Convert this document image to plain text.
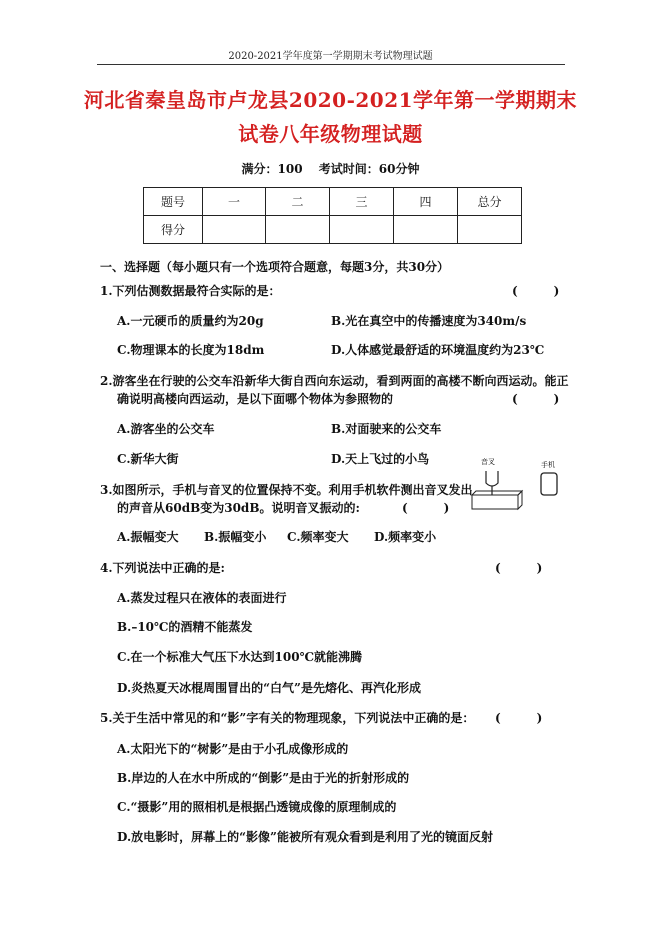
2020-2021学年度第一学期期末考试物理试题
河北省秦皇岛市卢龙县2020-2021学年第一学期期末
试卷八年级物理试题
满分：100　 考试时间：60分钟
题号	一	二	三	四	总分
得分					
一、选择题（每小题只有一个选项符合题意，每题3分，共30分）
1.下列估测数据最符合实际的是：	(　　　)
A.一元硬币的质量约为20g	B.光在真空中的传播速度为340m/s
C.物理课本的长度为18dm	D.人体感觉最舒适的环境温度约为23℃
2.游客坐在行驶的公交车沿新华大街自西向东运动，看到两面的高楼不断向西运动。能正
确说明高楼向西运动，是以下面哪个物体为参照物的	(　　　)
A.游客坐的公交车	B.对面驶来的公交车
C.新华大街	D.天上飞过的小鸟
3.如图所示，手机与音叉的位置保持不变。利用手机软件测出音叉发出
的声音从60dB变为30dB。说明音叉振动的:	(　　　)
A.振幅变大 B.振幅变小 C.频率变大 D.频率变小
音叉	手机
4.下列说法中正确的是:	(　　　)
A.蒸发过程只在液体的表面进行
B.–10℃的酒精不能蒸发
C.在一个标准大气压下水达到100℃就能沸腾
D.炎热夏天冰棍周围冒出的“白气”是先熔化、再汽化形成
5.关于生活中常见的和“影”字有关的物理现象，下列说法中正确的是： (　　　)
A.太阳光下的“树影”是由于小孔成像形成的
B.岸边的人在水中所成的“倒影”是由于光的折射形成的
C.“摄影”用的照相机是根据凸透镜成像的原理制成的
D.放电影时，屏幕上的“影像”能被所有观众看到是利用了光的镜面反射
